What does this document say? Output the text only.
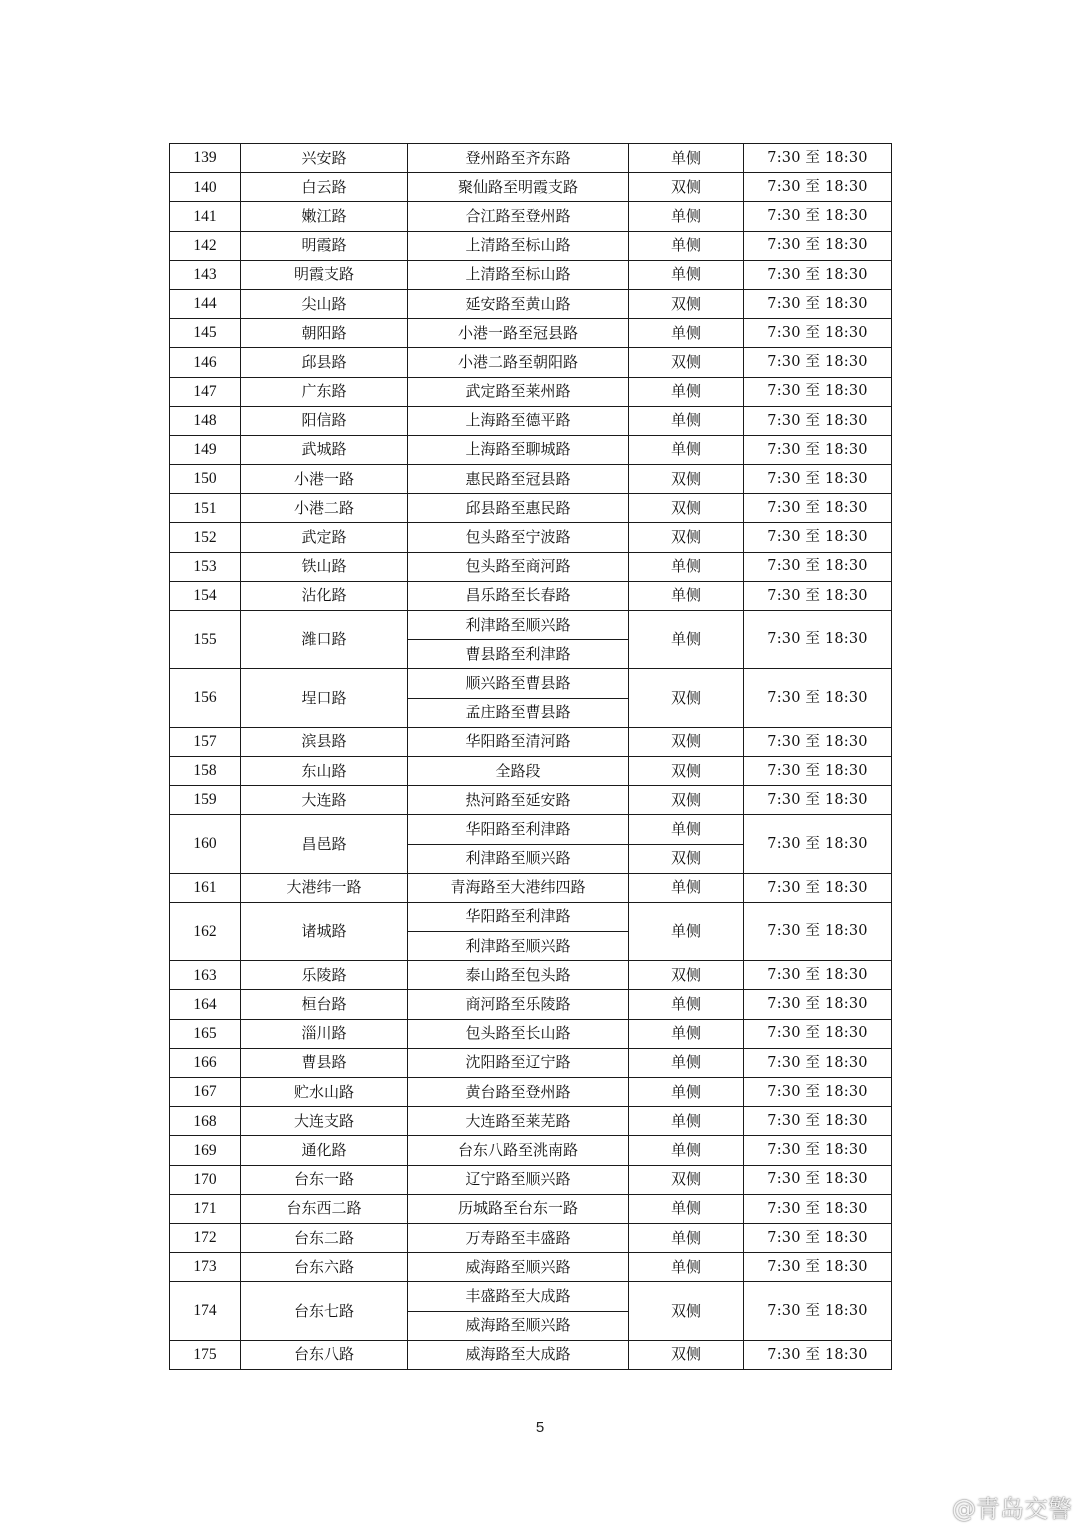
139	兴安路	登州路至齐东路	单侧	7:30 至 18:30
140	白云路	聚仙路至明霞支路	双侧	7:30 至 18:30
141	嫩江路	合江路至登州路	单侧	7:30 至 18:30
142	明霞路	上清路至标山路	单侧	7:30 至 18:30
143	明霞支路	上清路至标山路	单侧	7:30 至 18:30
144	尖山路	延安路至黄山路	双侧	7:30 至 18:30
145	朝阳路	小港一路至冠县路	单侧	7:30 至 18:30
146	邱县路	小港二路至朝阳路	双侧	7:30 至 18:30
147	广东路	武定路至莱州路	单侧	7:30 至 18:30
148	阳信路	上海路至德平路	单侧	7:30 至 18:30
149	武城路	上海路至聊城路	单侧	7:30 至 18:30
150	小港一路	惠民路至冠县路	双侧	7:30 至 18:30
151	小港二路	邱县路至惠民路	双侧	7:30 至 18:30
152	武定路	包头路至宁波路	双侧	7:30 至 18:30
153	铁山路	包头路至商河路	单侧	7:30 至 18:30
154	沾化路	昌乐路至长春路	单侧	7:30 至 18:30
155	潍口路	利津路至顺兴路	单侧	7:30 至 18:30
		曹县路至利津路		
156	埕口路	顺兴路至曹县路	双侧	7:30 至 18:30
		孟庄路至曹县路		
157	滨县路	华阳路至清河路	双侧	7:30 至 18:30
158	东山路	全路段	双侧	7:30 至 18:30
159	大连路	热河路至延安路	双侧	7:30 至 18:30
160	昌邑路	华阳路至利津路	单侧	7:30 至 18:30
		利津路至顺兴路	双侧	
161	大港纬一路	青海路至大港纬四路	单侧	7:30 至 18:30
162	诸城路	华阳路至利津路	单侧	7:30 至 18:30
		利津路至顺兴路		
163	乐陵路	泰山路至包头路	双侧	7:30 至 18:30
164	桓台路	商河路至乐陵路	单侧	7:30 至 18:30
165	淄川路	包头路至长山路	单侧	7:30 至 18:30
166	曹县路	沈阳路至辽宁路	单侧	7:30 至 18:30
167	贮水山路	黄台路至登州路	单侧	7:30 至 18:30
168	大连支路	大连路至莱芜路	单侧	7:30 至 18:30
169	通化路	台东八路至洮南路	单侧	7:30 至 18:30
170	台东一路	辽宁路至顺兴路	双侧	7:30 至 18:30
171	台东西二路	历城路至台东一路	单侧	7:30 至 18:30
172	台东二路	万寿路至丰盛路	单侧	7:30 至 18:30
173	台东六路	威海路至顺兴路	单侧	7:30 至 18:30
174	台东七路	丰盛路至大成路	双侧	7:30 至 18:30
		威海路至顺兴路		
175	台东八路	威海路至大成路	双侧	7:30 至 18:30
5
@青岛交警
